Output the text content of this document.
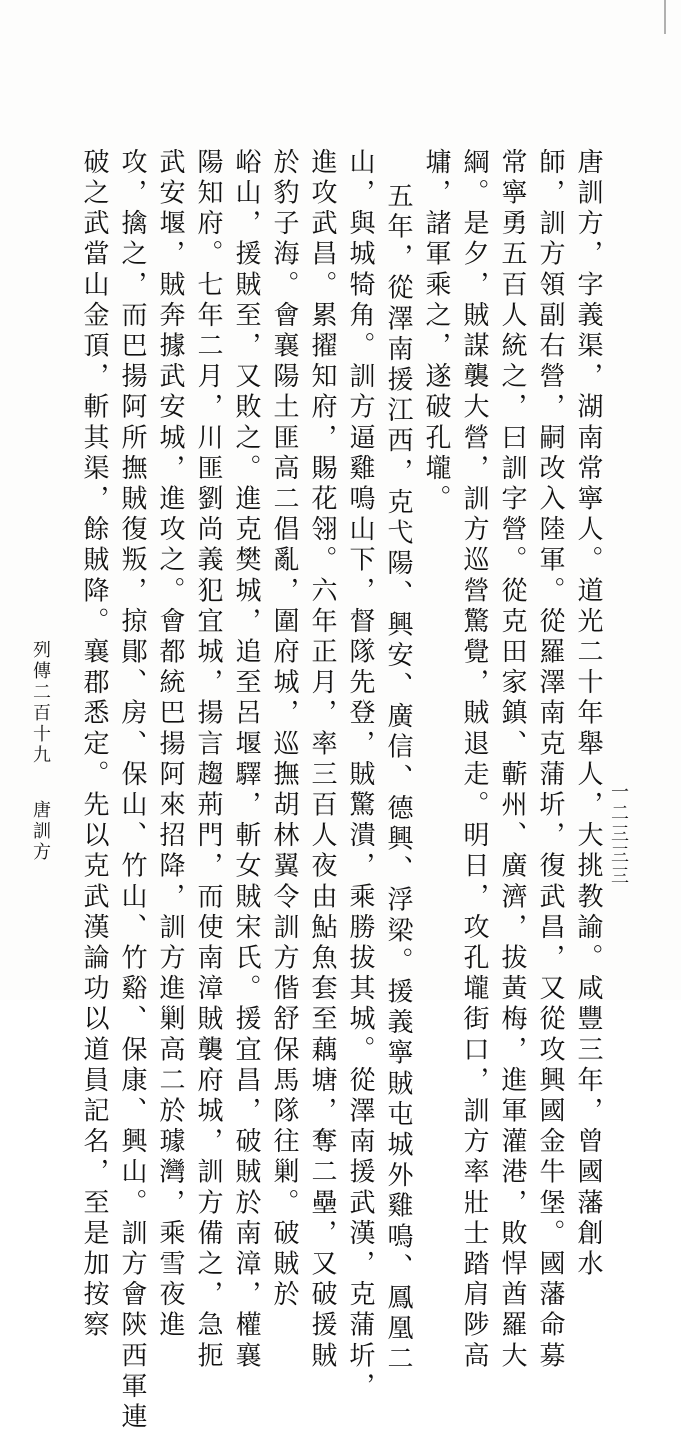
唐訓方，字義渠，湖南常寧人。道光二十年舉人，大挑教諭。咸豐三年，曾國藩創水
師，訓方領副右營，嗣改入陸軍。從羅澤南克蒲圻，復武昌，又從攻興國金牛堡。國藩命募
常寧勇五百人統之，曰訓字營。從克田家鎮、蘄州、廣濟，拔黃梅，進軍灌港，敗悍酋羅大
綱。是夕，賊謀襲大營，訓方巡營驚覺，賊退走。明日，攻孔壠街口，訓方率壯士踏肩陟高
墉，諸軍乘之，遂破孔壠。
五年，從澤南援江西，克弋陽、興安、廣信、德興、浮梁。援義寧賊屯城外雞鳴、鳳凰二
山，與城犄角。訓方逼雞鳴山下，督隊先登，賊驚潰，乘勝拔其城。從澤南援武漢，克蒲圻，
進攻武昌。累擢知府，賜花翎。六年正月，率三百人夜由鮎魚套至藕塘，奪二壘，又破援賊
於豹子海。會襄陽土匪高二倡亂，圍府城，巡撫胡林翼令訓方偕舒保馬隊往剿。破賊於
峪山，援賊至，又敗之。進克樊城，追至呂堰驛，斬女賊宋氏。援宜昌，破賊於南漳，權襄
陽知府。七年二月，川匪劉尚義犯宜城，揚言趨荊門，而使南漳賊襲府城，訓方備之，急扼
武安堰，賊奔據武安城，進攻之。會都統巴揚阿來招降，訓方進剿高二於璩灣，乘雪夜進
攻，擒之，而巴揚阿所撫賊復叛，掠鄖、房、保山、竹山、竹谿、保康、興山。訓方會陝西軍連
破之武當山金頂，斬其渠，餘賊降。襄郡悉定。先以克武漢論功以道員記名，至是加按察
列傳二百十九
唐訓方	一二三三三
